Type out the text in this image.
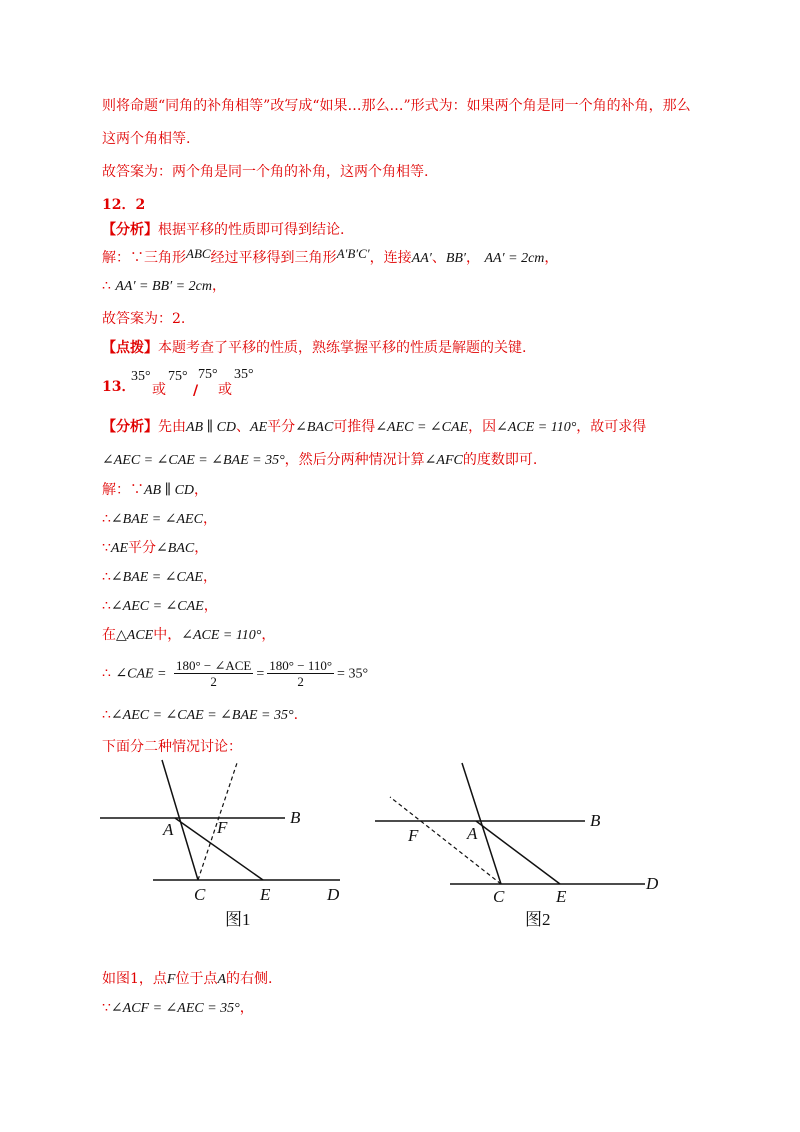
则将命题“同角的补角相等”改写成“如果…那么…”形式为：如果两个角是同一个角的补角，那么
这两个角相等.
故答案为：两个角是同一个角的补角，这两个角相等.
12．2
【分析】根据平移的性质即可得到结论.
解：∵三角形ABC经过平移得到三角形A′B′C′，连接AA′、BB′， AA′ = 2cm，
∴ AA′ = BB′ = 2cm，
故答案为：2.
【点拨】本题考查了平移的性质，熟练掌握平移的性质是解题的关键.
13．
35°
或
75° 75°
/
35°
或
【分析】先由AB ∥ CD、AE平分∠BAC可推得∠AEC = ∠CAE，因∠ACE = 110°，故可求得
∠AEC = ∠CAE = ∠BAE = 35°，然后分两种情况计算∠AFC的度数即可.
解：∵AB ∥ CD，
∴∠BAE = ∠AEC，
∵AE平分∠BAC，
∴∠BAE = ∠CAE，
∴∠AEC = ∠CAE，
在△ACE中，∠ACE = 110°，
∴ ∠CAE = $\frac{\text{180° − ∠ACE}}{2} = \frac{180^\circ - 110^\circ}{2} = 35^\circ$
∴∠AEC = ∠CAE = ∠BAE = 35°.
下面分二种情况讨论：
A	F
B
C	E	D
图1
F	A
B
C	E
D
图2
如图1，点F位于点A的右侧.
∵∠ACF = ∠AEC = 35°，
